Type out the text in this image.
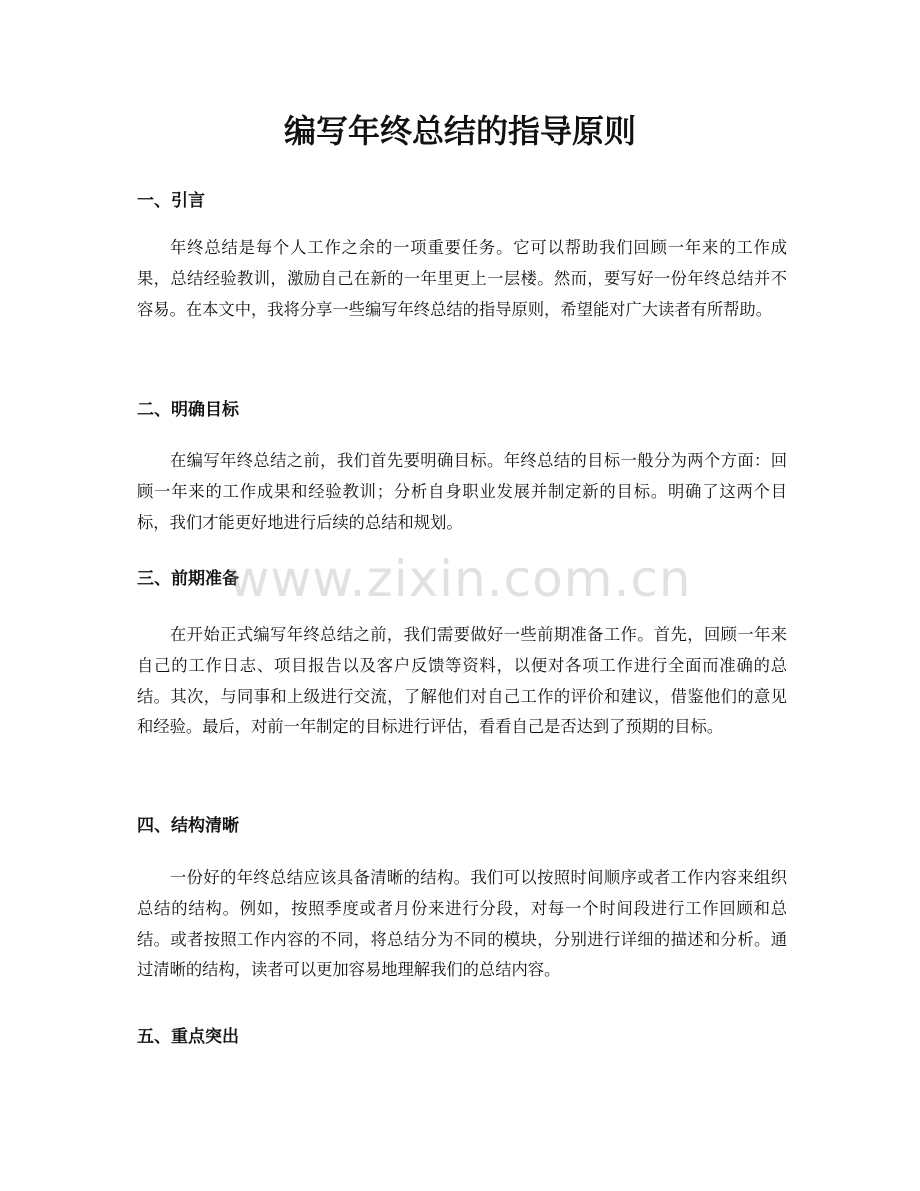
编写年终总结的指导原则
一、引言

年终总结是每个人工作之余的一项重要任务。它可以帮助我们回顾一年来的工作成果，总结经验教训，激励自己在新的一年里更上一层楼。然而，要写好一份年终总结并不容易。在本文中，我将分享一些编写年终总结的指导原则，希望能对广大读者有所帮助。

二、明确目标

在编写年终总结之前，我们首先要明确目标。年终总结的目标一般分为两个方面：回顾一年来的工作成果和经验教训；分析自身职业发展并制定新的目标。明确了这两个目标，我们才能更好地进行后续的总结和规划。

三、前期准备

在开始正式编写年终总结之前，我们需要做好一些前期准备工作。首先，回顾一年来自己的工作日志、项目报告以及客户反馈等资料，以便对各项工作进行全面而准确的总结。其次，与同事和上级进行交流，了解他们对自己工作的评价和建议，借鉴他们的意见和经验。最后，对前一年制定的目标进行评估，看看自己是否达到了预期的目标。

四、结构清晰

一份好的年终总结应该具备清晰的结构。我们可以按照时间顺序或者工作内容来组织总结的结构。例如，按照季度或者月份来进行分段，对每一个时间段进行工作回顾和总结。或者按照工作内容的不同，将总结分为不同的模块，分别进行详细的描述和分析。通过清晰的结构，读者可以更加容易地理解我们的总结内容。

五、重点突出
www.zixin.com.cn
